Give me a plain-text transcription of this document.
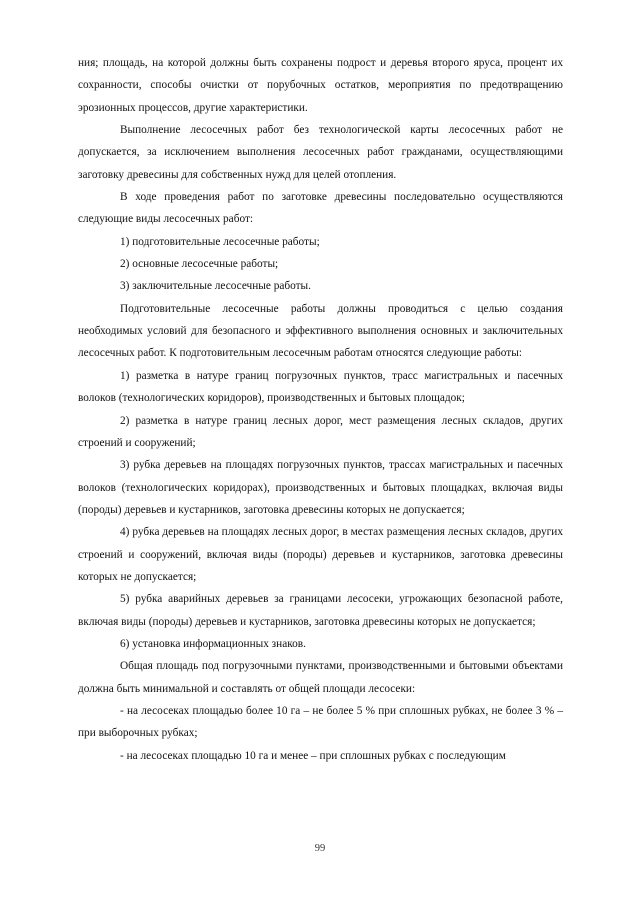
ния; площадь, на которой должны быть сохранены подрост и деревья второго яруса, процент их сохранности, способы очистки от порубочных остатков, мероприятия по предотвращению эрозионных процессов, другие характеристики.

Выполнение лесосечных работ без технологической карты лесосечных работ не допускается, за исключением выполнения лесосечных работ гражданами, осуществляющими заготовку древесины для собственных нужд для целей отопления.

В ходе проведения работ по заготовке древесины последовательно осуществляются следующие виды лесосечных работ:

1) подготовительные лесосечные работы;

2) основные лесосечные работы;

3) заключительные лесосечные работы.

Подготовительные лесосечные работы должны проводиться с целью создания необходимых условий для безопасного и эффективного выполнения основных и заключительных лесосечных работ. К подготовительным лесосечным работам относятся следующие работы:

1) разметка в натуре границ погрузочных пунктов, трасс магистральных и пасечных волоков (технологических коридоров), производственных и бытовых площадок;

2) разметка в натуре границ лесных дорог, мест размещения лесных складов, других строений и сооружений;

3) рубка деревьев на площадях погрузочных пунктов, трассах магистральных и пасечных волоков (технологических коридорах), производственных и бытовых площадках, включая виды (породы) деревьев и кустарников, заготовка древесины которых не допускается;

4) рубка деревьев на площадях лесных дорог, в местах размещения лесных складов, других строений и сооружений, включая виды (породы) деревьев и кустарников, заготовка древесины которых не допускается;

5) рубка аварийных деревьев за границами лесосеки, угрожающих безопасной работе, включая виды (породы) деревьев и кустарников, заготовка древесины которых не допускается;

6) установка информационных знаков.

Общая площадь под погрузочными пунктами, производственными и бытовыми объектами должна быть минимальной и составлять от общей площади лесосеки:

- на лесосеках площадью более 10 га – не более 5 % при сплошных рубках, не более 3 % – при выборочных рубках;

- на лесосеках площадью 10 га и менее – при сплошных рубках с последующим

99
